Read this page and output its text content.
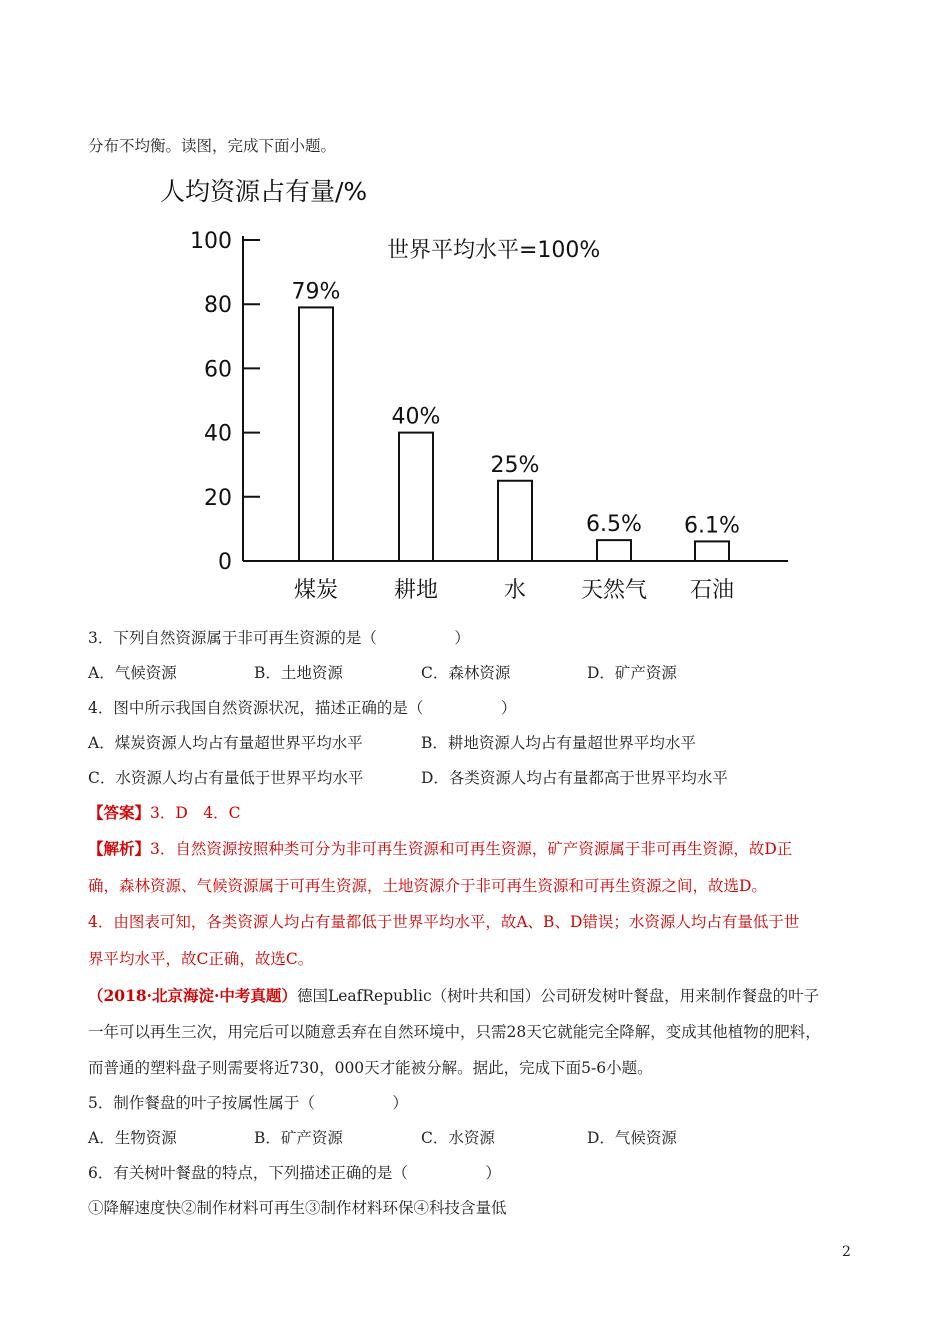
分布不均衡。读图，完成下面小题。
人均资源占有量/%
世界平均水平=100%
0
20
40
60
80
100
79%
煤炭
40%
耕地
25%
水
6.5%
天然气
6.1%
石油
3．下列自然资源属于非可再生资源的是（　　　　　）
A．气候资源	B．土地资源	C．森林资源	D．矿产资源
4．图中所示我国自然资源状况，描述正确的是（　　　　　）
A．煤炭资源人均占有量超世界平均水平	B．耕地资源人均占有量超世界平均水平
C．水资源人均占有量低于世界平均水平	D．各类资源人均占有量都高于世界平均水平
【答案】3．D　4．C
【解析】3．自然资源按照种类可分为非可再生资源和可再生资源，矿产资源属于非可再生资源，故D正
确，森林资源、气候资源属于可再生资源，土地资源介于非可再生资源和可再生资源之间，故选D。
4．由图表可知，各类资源人均占有量都低于世界平均水平，故A、B、D错误；水资源人均占有量低于世
界平均水平，故C正确，故选C。
（2018·北京海淀·中考真题）德国LeafRepublic（树叶共和国）公司研发树叶餐盘，用来制作餐盘的叶子
一年可以再生三次，用完后可以随意丢弃在自然环境中，只需28天它就能完全降解，变成其他植物的肥料，
而普通的塑料盘子则需要将近730，000天才能被分解。据此，完成下面5-6小题。
5．制作餐盘的叶子按属性属于（　　　　　）
A．生物资源	B．矿产资源	C．水资源	D．气候资源
6．有关树叶餐盘的特点，下列描述正确的是（　　　　　）
①降解速度快②制作材料可再生③制作材料环保④科技含量低
2
